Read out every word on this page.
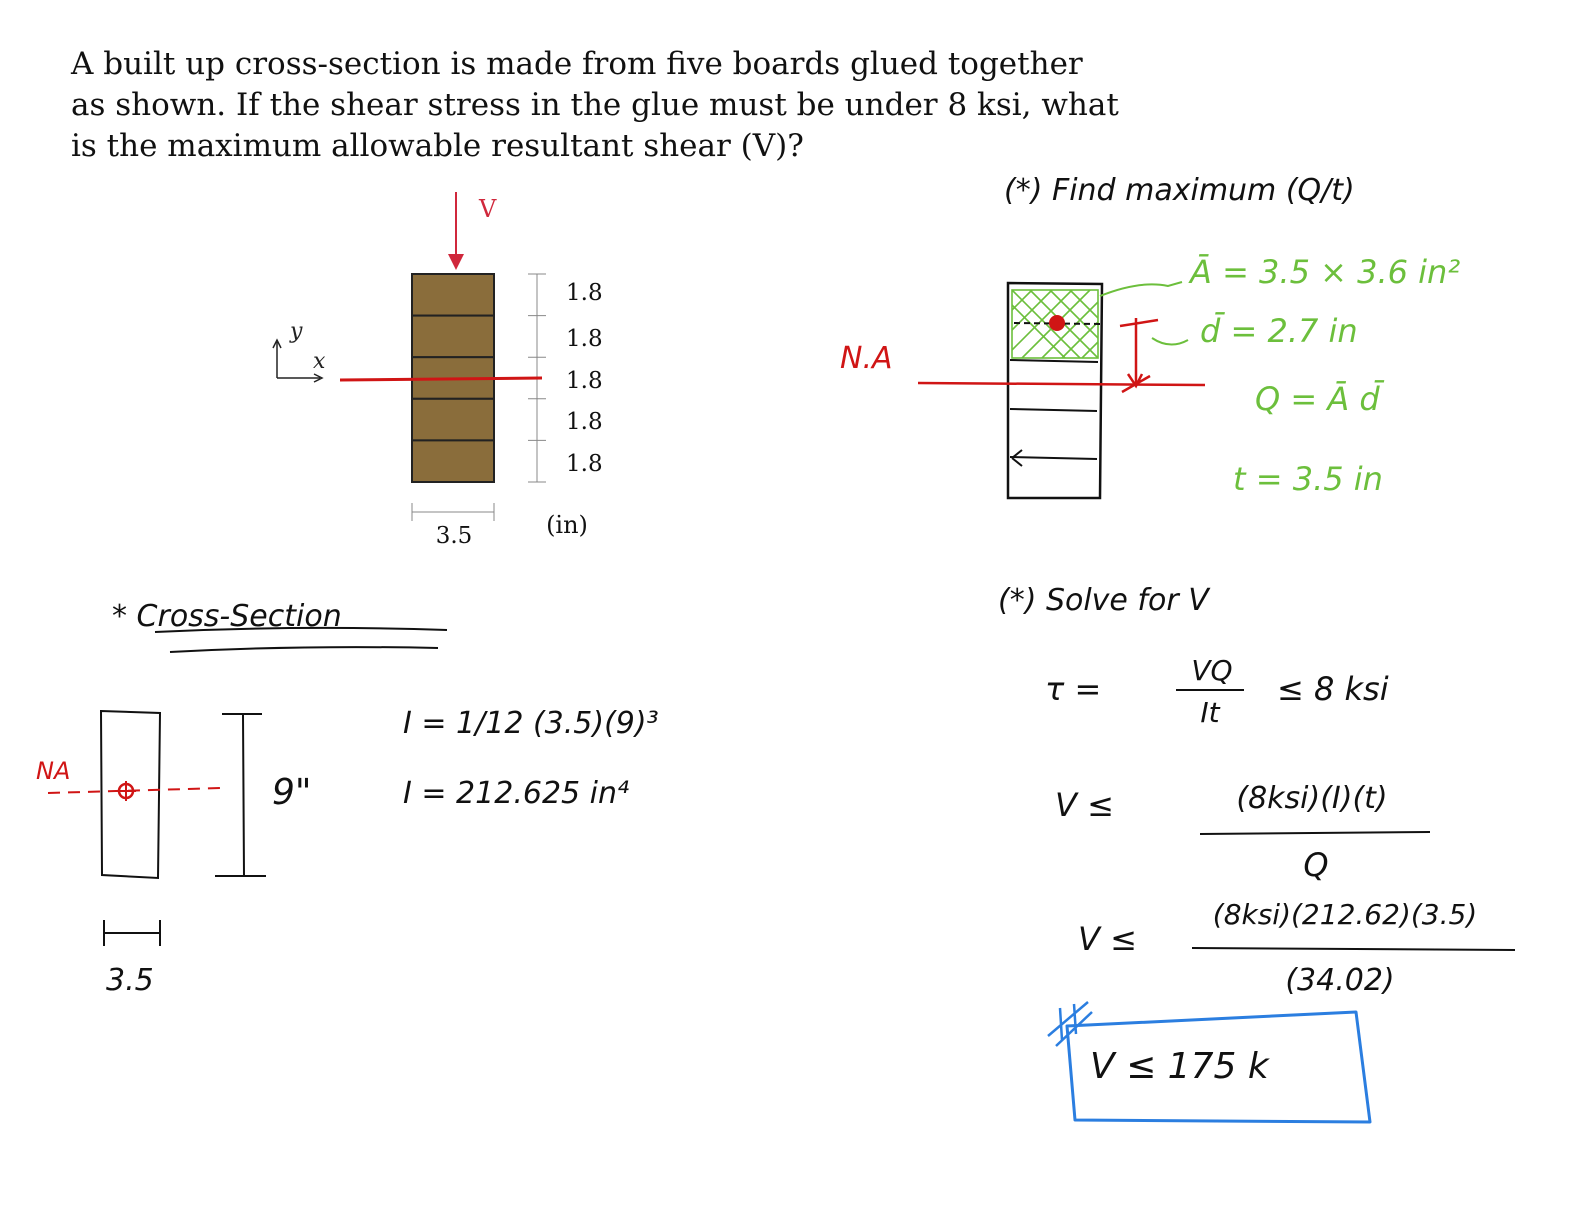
A built up cross-section is made from five boards glued together
as shown. If the shear stress in the glue must be under 8 ksi, what
is the maximum allowable resultant shear (V)?
V
1.8
1.8
1.8
1.8
1.8
3.5	(in)
y
x
* Cross-Section
9"
NA
3.5
I = 1/12 (3.5)(9)³
I = 212.625 in⁴
(*) Find maximum (Q/t)
N.A
Ā = 3.5 × 3.6 in²
d̄ = 2.7 in
Q = Ā d̄
t = 3.5 in
(*) Solve for V
τ =	VQ
It
≤ 8 ksi
V ≤	(8ksi)(I)(t)
Q
V ≤
(8ksi)(212.62)(3.5)
(34.02)
V ≤ 175 k
